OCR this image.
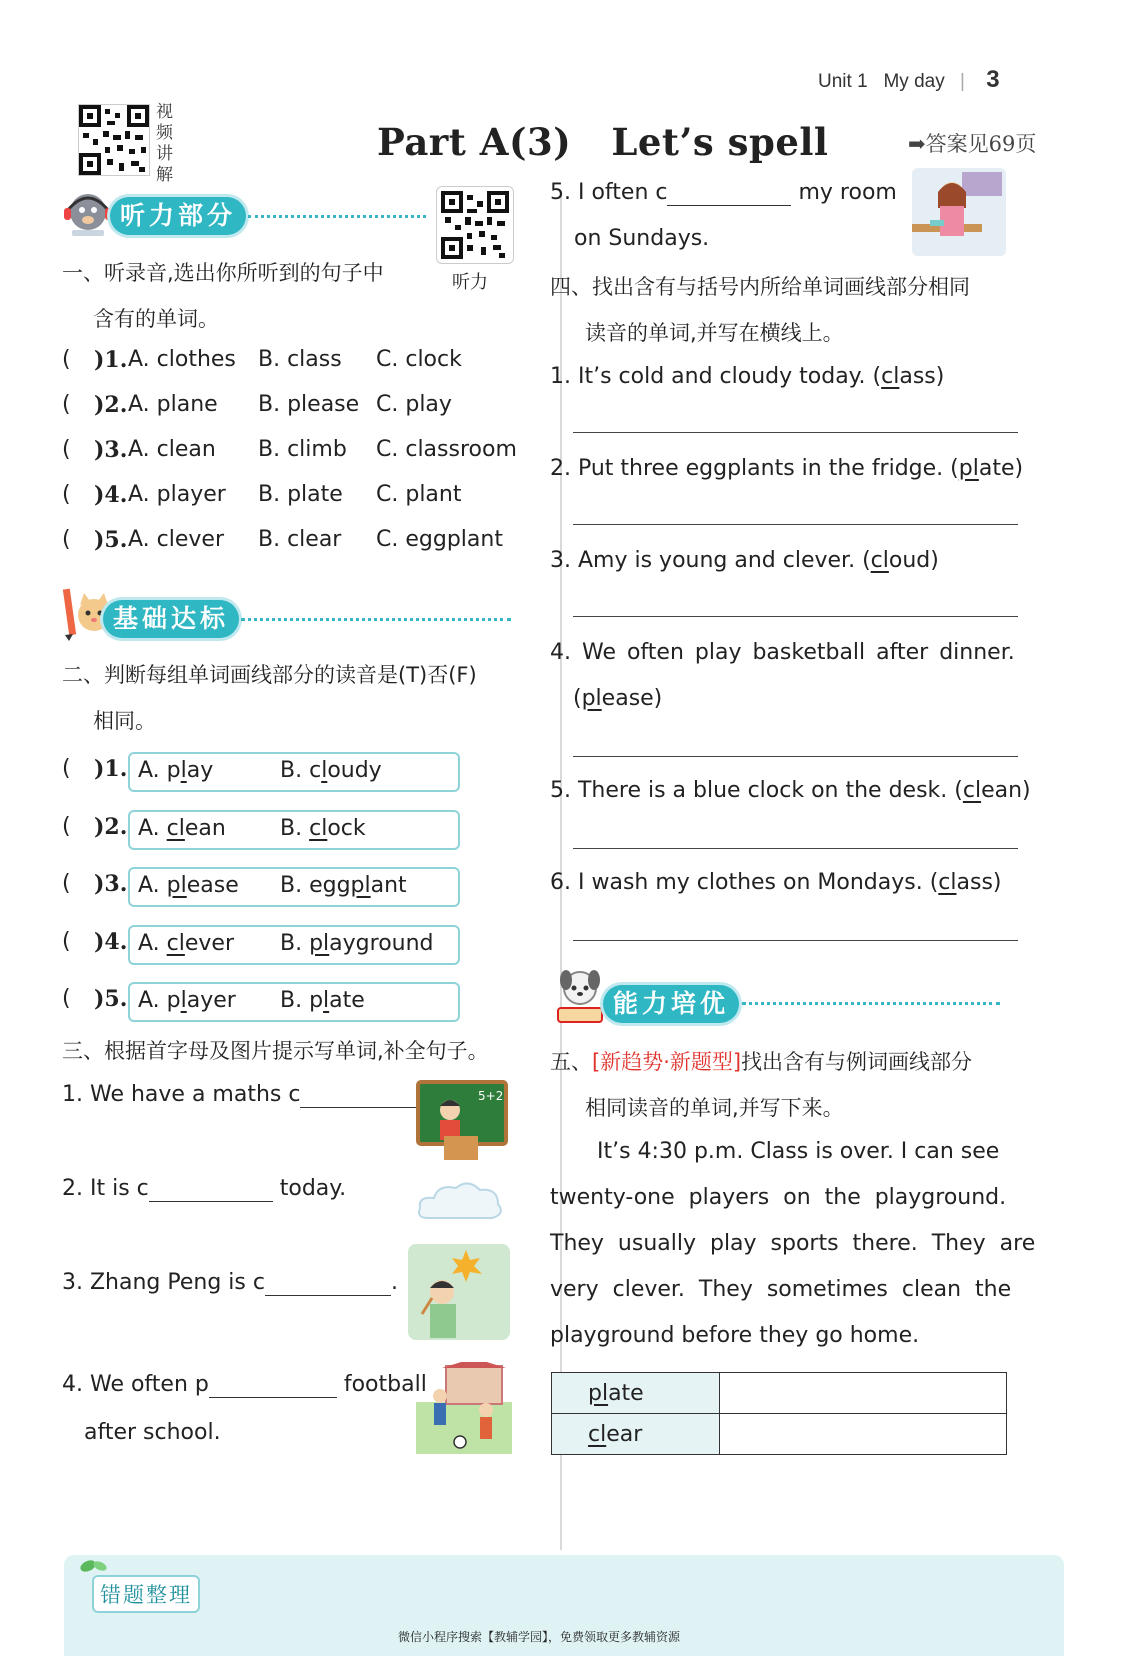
Unit 1 My day | 3
视
频
讲
解
Part A(3)   Let’s spell	➡答案见69页
听力部分
听力
一、听录音,选出你所听到的句子中
含有的单词。
( )1. A. clothes B. class C. clock
( )2. A. plane B. please C. play
( )3. A. clean B. climb C. classroom
( )4. A. player B. plate C. plant
( )5. A. clever B. clear C. eggplant
基础达标
二、判断每组单词画线部分的读音是(T)否(F)
相同。
( )1. A. play	B. cloudy
( )2. A. clean B. clock
( )3. A. please B. eggplant
( )4. A. clever B. playground
( )5. A. player B. plate
三、根据首字母及图片提示写单词,补全句子。
1. We have a maths c	5+2
2. It is c	today.
3. Zhang Peng is c	.
4. We often p	football
after school.
5. I often c	my room
on Sundays.
四、找出含有与括号内所给单词画线部分相同
读音的单词,并写在横线上。
1. It’s cold and cloudy today. (class)
2. Put three eggplants in the fridge. (plate)
3. Amy is young and clever. (cloud)
4. We often play basketball after dinner.
(please)
5. There is a blue clock on the desk. (clean)
6. I wash my clothes on Mondays. (class)
能力培优
五、[新趋势·新题型]找出含有与例词画线部分
相同读音的单词,并写下来。
It’s 4:30 p.m. Class is over. I can see
twenty-one  players  on  the  playground.
They  usually  play  sports  there.  They  are
very  clever.  They  sometimes  clean  the
playground before they go home.
plate	
clear	
错题整理
微信小程序搜索【教辅学园】，免费领取更多教辅资源
